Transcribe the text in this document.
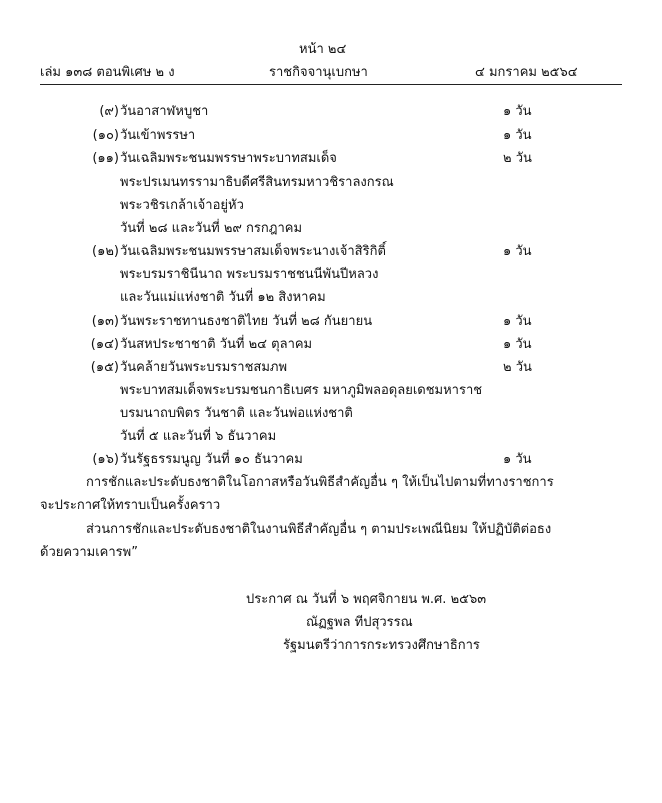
หน้า ๒๔
เล่ม ๑๓๘ ตอนพิเศษ ๒ ง	ราชกิจจานุเบกษา	๔ มกราคม ๒๕๖๔
(๙) วันอาสาฬหบูชา	๑ วัน
(๑๐) วันเข้าพรรษา	๑ วัน
(๑๑) วันเฉลิมพระชนมพรรษาพระบาทสมเด็จ	๒ วัน
พระปรเมนทรรามาธิบดีศรีสินทรมหาวชิราลงกรณ
พระวชิรเกล้าเจ้าอยู่หัว
วันที่ ๒๘ และวันที่ ๒๙ กรกฎาคม
(๑๒) วันเฉลิมพระชนมพรรษาสมเด็จพระนางเจ้าสิริกิติ์	๑ วัน
พระบรมราชินีนาถ พระบรมราชชนนีพันปีหลวง
และวันแม่แห่งชาติ วันที่ ๑๒ สิงหาคม
(๑๓) วันพระราชทานธงชาติไทย วันที่ ๒๘ กันยายน	๑ วัน
(๑๔) วันสหประชาชาติ วันที่ ๒๔ ตุลาคม	๑ วัน
(๑๕) วันคล้ายวันพระบรมราชสมภพ	๒ วัน
พระบาทสมเด็จพระบรมชนกาธิเบศร มหาภูมิพลอดุลยเดชมหาราช
บรมนาถบพิตร วันชาติ และวันพ่อแห่งชาติ
วันที่ ๕ และวันที่ ๖ ธันวาคม
(๑๖) วันรัฐธรรมนูญ วันที่ ๑๐ ธันวาคม	๑ วัน
การชักและประดับธงชาติในโอกาสหรือวันพิธีสำคัญอื่น ๆ ให้เป็นไปตามที่ทางราชการ
จะประกาศให้ทราบเป็นครั้งคราว
ส่วนการชักและประดับธงชาติในงานพิธีสำคัญอื่น ๆ ตามประเพณีนิยม ให้ปฏิบัติต่อธง
ด้วยความเคารพ”
ประกาศ ณ วันที่ ๖ พฤศจิกายน พ.ศ. ๒๕๖๓
ณัฏฐพล ทีปสุวรรณ
รัฐมนตรีว่าการกระทรวงศึกษาธิการ
